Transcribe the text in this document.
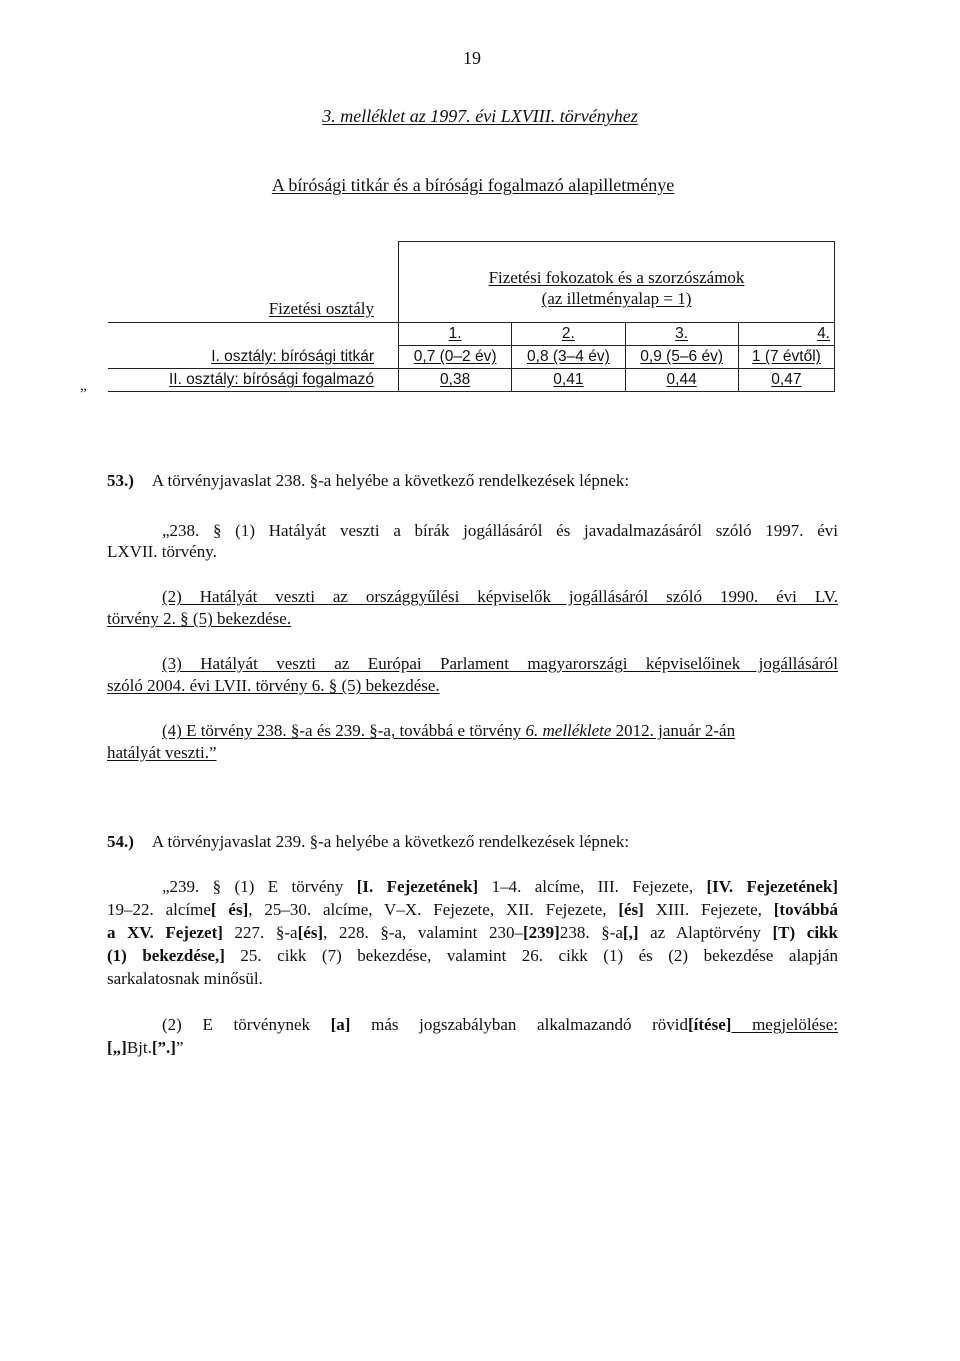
19
3. melléklet az 1997. évi LXVIII. törvényhez
A bírósági titkár és a bírósági fogalmazó alapilletménye
Fizetési osztály	Fizetési fokozatok és a szorzószámok
(az illetményalap = 1)			

	1.	2.	3.	4.
I. osztály: bírósági titkár	0,7 (0–2 év)	0,8 (3–4 év)	0,9 (5–6 év)	1 (7 évtől)
II. osztály: bírósági fogalmazó	0,38	0,41	0,44	0,47
”
53.) A törvényjavaslat 238. §-a helyébe a következő rendelkezések lépnek:
„238. § (1) Hatályát veszti a bírák jogállásáról és javadalmazásáról szóló 1997. évi
LXVII. törvény.
(2) Hatályát veszti az országgyűlési képviselők jogállásáról szóló 1990. évi LV.
törvény 2. § (5) bekezdése.
(3) Hatályát veszti az Európai Parlament magyarországi képviselőinek jogállásáról
szóló 2004. évi LVII. törvény 6. § (5) bekezdése.
(4) E törvény 238. §-a és 239. §-a, továbbá e törvény 6. melléklete 2012. január 2-án
hatályát veszti.”
54.) A törvényjavaslat 239. §-a helyébe a következő rendelkezések lépnek:
„239. § (1) E törvény [I. Fejezetének] 1–4. alcíme, III. Fejezete, [IV. Fejezetének]
19–22. alcíme[ és], 25–30. alcíme, V–X. Fejezete, XII. Fejezete, [és] XIII. Fejezete, [továbbá
a XV. Fejezet] 227. §-a[és], 228. §-a, valamint 230–[239]238. §-a[,] az Alaptörvény [T) cikk
(1) bekezdése,] 25. cikk (7) bekezdése, valamint 26. cikk (1) és (2) bekezdése alapján
sarkalatosnak minősül.
(2) E törvénynek [a] más jogszabályban alkalmazandó rövid[ítése] megjelölése:
[„]Bjt.[”.]”
